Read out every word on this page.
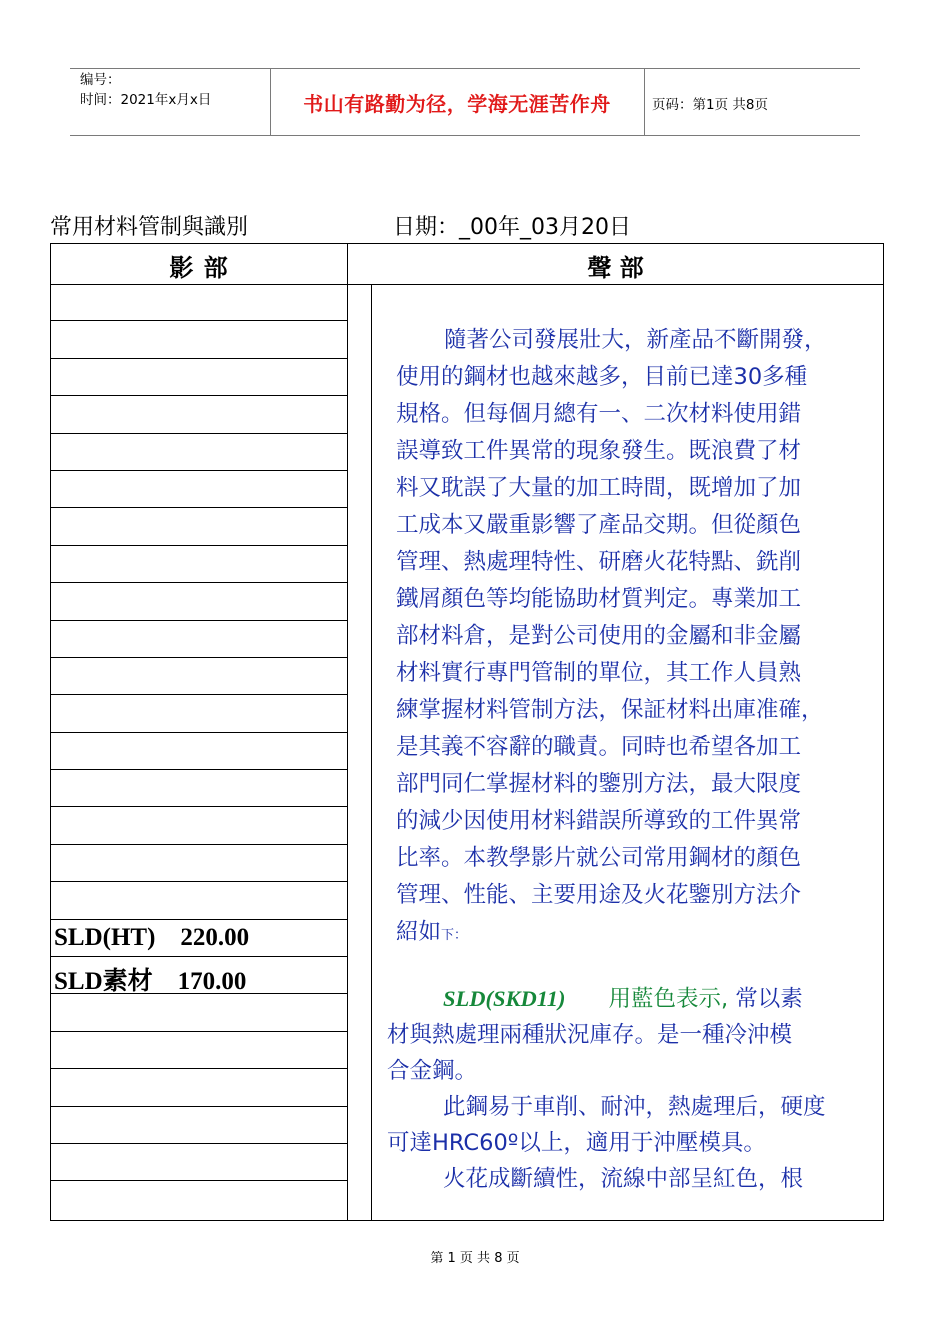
编号：
时间：2021年x月x日	书山有路勤为径，学海无涯苦作舟	页码：第1页 共8页
常用材料管制與識別	日期：_00年_03月20日
影 部	聲 部
SLD(HT)    220.00
SLD素材    170.00
隨著公司發展壯大，新產品不斷開發，
使用的鋼材也越來越多，目前已達30多種
規格。但每個月總有一、二次材料使用錯
誤導致工件異常的現象發生。既浪費了材
料又耽誤了大量的加工時間，既增加了加
工成本又嚴重影響了產品交期。但從顏色
管理、熱處理特性、研磨火花特點、銑削
鐵屑顏色等均能協助材質判定。專業加工
部材料倉，是對公司使用的金屬和非金屬
材料實行專門管制的單位，其工作人員熟
練掌握材料管制方法，保証材料出庫准確，
是其義不容辭的職責。同時也希望各加工
部門同仁掌握材料的鑒別方法，最大限度
的減少因使用材料錯誤所導致的工件異常
比率。本教學影片就公司常用鋼材的顏色
管理、性能、主要用途及火花鑒別方法介
紹如下：
SLD(SKD11) 用藍色表示, 常以素
材與熱處理兩種狀況庫存。是一種冷沖模
合金鋼。
此鋼易于車削、耐沖，熱處理后，硬度
可達HRC60º以上，適用于沖壓模具。
火花成斷續性，流線中部呈紅色，根
第 1 页 共 8 页
